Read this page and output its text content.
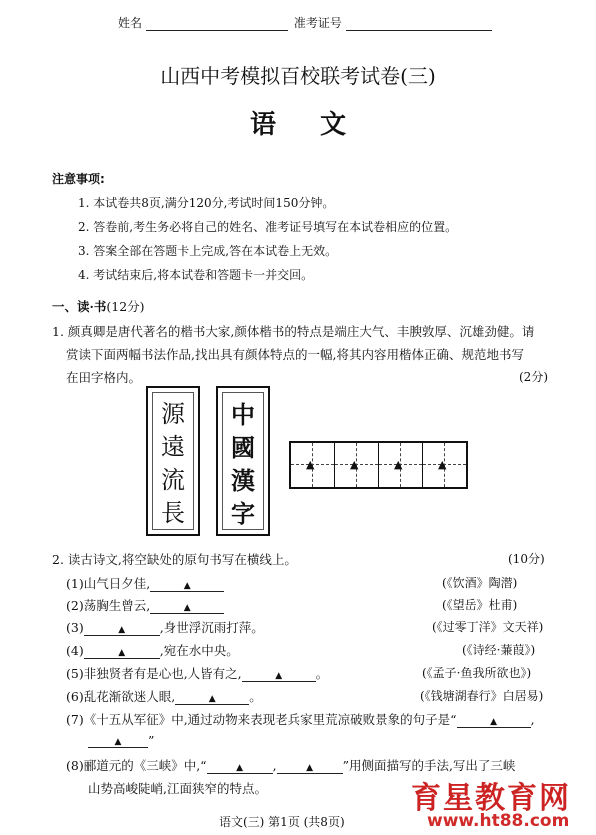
姓名	准考证号
山西中考模拟百校联考试卷(三)
语文
注意事项:
1. 本试卷共8页,满分120分,考试时间150分钟。
2. 答卷前,考生务必将自己的姓名、准考证号填写在本试卷相应的位置。
3. 答案全部在答题卡上完成,答在本试卷上无效。
4. 考试结束后,将本试卷和答题卡一并交回。
一、读·书(12分)
1. 颜真卿是唐代著名的楷书大家,颜体楷书的特点是端庄大气、丰腴敦厚、沉雄劲健。请
赏读下面两幅书法作品,找出具有颜体特点的一幅,将其内容用楷体正确、规范地书写
在田字格内。	(2分)
源
遠
流
長
中
國
漢
字
▲	▲	▲	▲
2. 读古诗文,将空缺处的原句书写在横线上。	(10分)
(1)山气日夕佳,	▲	(《饮酒》陶潜)
(2)荡胸生曾云,	▲	(《望岳》杜甫)
(3)	▲	,身世浮沉雨打萍。	(《过零丁洋》文天祥)
(4)	▲	,宛在水中央。	(《诗经·蒹葭》)
(5)非独贤者有是心也,人皆有之,	▲	。	(《孟子·鱼我所欲也》)
(6)乱花渐欲迷人眼,	▲	。	(《钱塘湖春行》白居易)
(7)《十五从军征》中,通过动物来表现老兵家里荒凉破败景象的句子是“	▲	,
▲ ”
(8)郦道元的《三峡》中,“	▲ ,	▲ ”用侧面描写的手法,写出了三峡
山势高峻陡峭,江面狭窄的特点。
语文(三) 第1页 (共8页)
育星教育网
www.ht88.com
